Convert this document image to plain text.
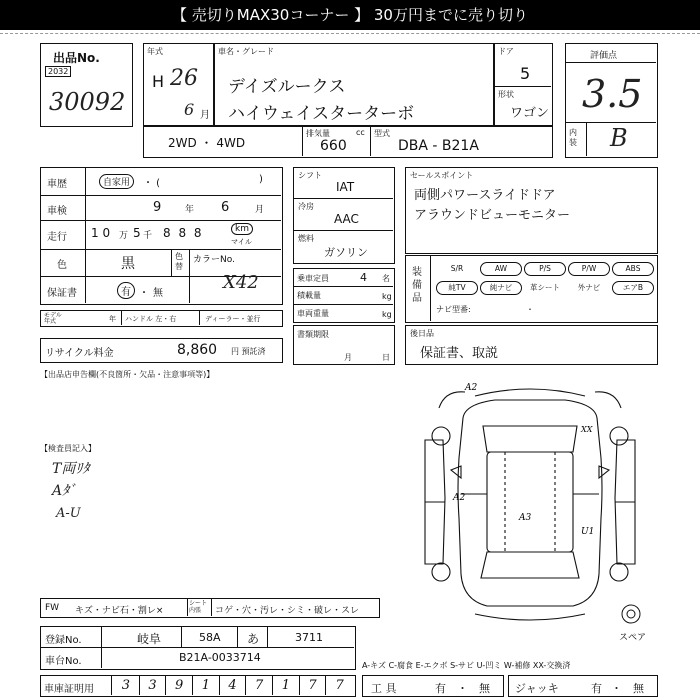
【 売切りMAX30コーナー 】 30万円までに売り切り
出品No.
2032
30092
年式
H 26
6 月
車名・グレード
デイズルークス
ハイウェイスターターボ
ドア
5
形状
ワゴン
評価点
3.5
内装 B
2WD ・ 4WD
排気量	cc
660
型式
DBA - B21A
車歴	自家用	・ (	)
車検	9	年 6	月
走行 1 0 万 5 千 8 8 8	km
マイル
色	黒	色替
カラーNo.
X42
保証書	有 ・ 無
シフト
IAT
冷房
AAC
燃料
ガソリン
乗車定員	4 名
積載量	kg
車両重量	kg
モデル年式	年 ハンドル 左・右	ディーラー・並行
リサイクル料金	8,860 円 預託済
書類期限
月	日
セールスポイント
両側パワースライドドア
アラウンドビューモニター
装備品
S/R	AW	P/S	P/W	ABS
純TV	純ナビ	革シート	外ナビ	エアB
ナビ型番:	・
後日品
保証書、取説
【出品店申告欄(不良箇所・欠品・注意事項等)】
【検査員記入】
T両ﾘﾀ
Aﾀﾞ
A-U
A2
XX
A2
A3
U1
スペア
FW キズ・ナビ石・割レ×
シート内張	コゲ・穴・汚レ・シミ・破レ・スレ
登録No.	岐阜	58A あ	3711
車台No.	B21A-0033714
車庫証明用	3	3	9	1	4	7	1	7	7
A-キズ C-腐食 E-エクボ S-サビ U-凹ミ W-補修 XX-交換済
工 具	有 ・ 無 ジャッキ	有 ・ 無
